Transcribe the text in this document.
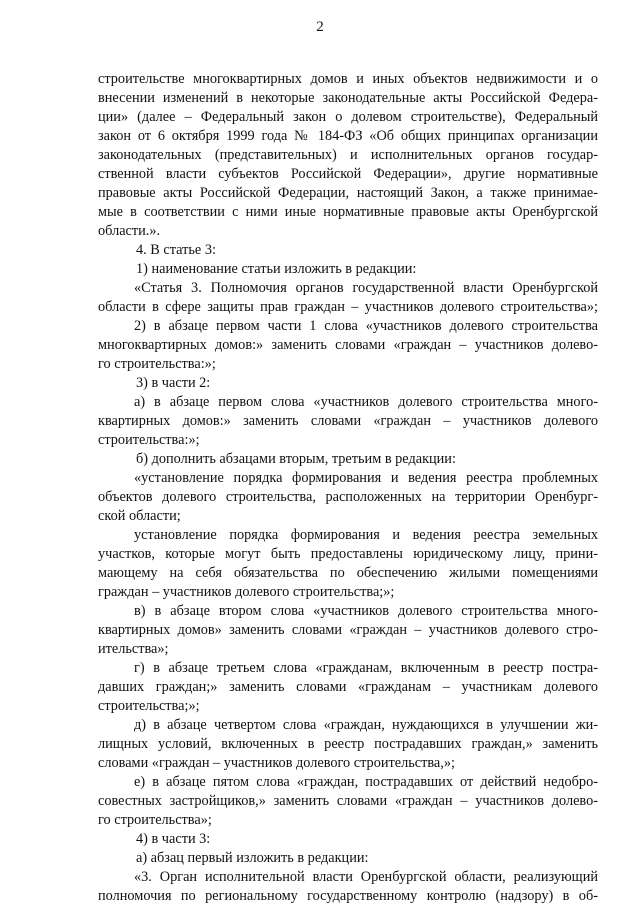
2
строительстве многоквартирных домов и иных объектов недвижимости и о
внесении изменений в некоторые законодательные акты Российской Федера-
ции» (далее – Федеральный закон о долевом строительстве), Федеральный
закон от 6 октября 1999 года № 184-ФЗ «Об общих принципах организации
законодательных (представительных) и исполнительных органов государ-
ственной власти субъектов Российской Федерации», другие нормативные
правовые акты Российской Федерации, настоящий Закон, а также принимае-
мые в соответствии с ними иные нормативные правовые акты Оренбургской
области.».
4. В статье 3:
1) наименование статьи изложить в редакции:
«Статья 3. Полномочия органов государственной власти Оренбургской
области в сфере защиты прав граждан – участников долевого строительства»;
2) в абзаце первом части 1 слова «участников долевого строительства
многоквартирных домов:» заменить словами «граждан – участников долево-
го строительства:»;
3) в части 2:
а) в абзаце первом слова «участников долевого строительства много-
квартирных домов:» заменить словами «граждан – участников долевого
строительства:»;
б) дополнить абзацами вторым, третьим в редакции:
«установление порядка формирования и ведения реестра проблемных
объектов долевого строительства, расположенных на территории Оренбург-
ской области;
установление порядка формирования и ведения реестра земельных
участков, которые могут быть предоставлены юридическому лицу, прини-
мающему на себя обязательства по обеспечению жилыми помещениями
граждан – участников долевого строительства;»;
в) в абзаце втором слова «участников долевого строительства много-
квартирных домов» заменить словами «граждан – участников долевого стро-
ительства»;
г) в абзаце третьем слова «гражданам, включенным в реестр постра-
давших граждан;» заменить словами «гражданам – участникам долевого
строительства;»;
д) в абзаце четвертом слова «граждан, нуждающихся в улучшении жи-
лищных условий, включенных в реестр пострадавших граждан,» заменить
словами «граждан – участников долевого строительства,»;
е) в абзаце пятом слова «граждан, пострадавших от действий недобро-
совестных застройщиков,» заменить словами «граждан – участников долево-
го строительства»;
4) в части 3:
а) абзац первый изложить в редакции:
«3. Орган исполнительной власти Оренбургской области, реализующий
полномочия по региональному государственному контролю (надзору) в об-
